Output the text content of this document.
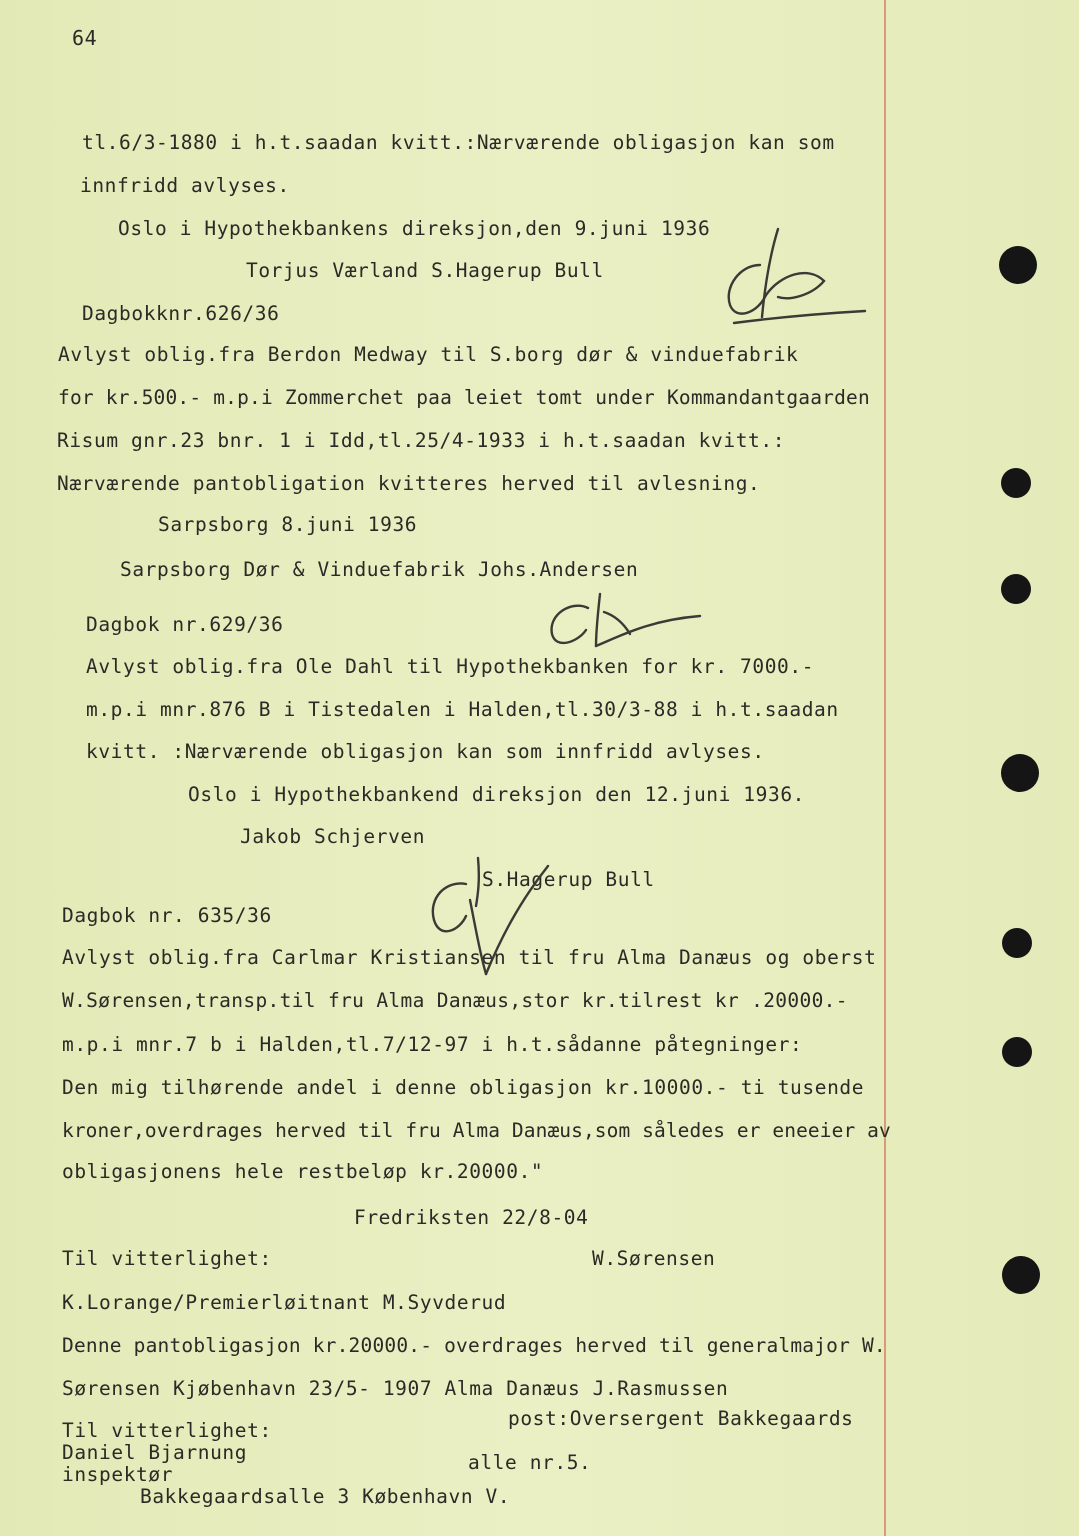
64
tl.6/3-1880 i h.t.saadan kvitt.:Nærværende obligasjon kan som
innfridd avlyses.
Oslo i Hypothekbankens direksjon,den 9.juni 1936
Torjus Værland S.Hagerup Bull
Dagbokknr.626/36
Avlyst oblig.fra Berdon Medway til S.borg dør & vinduefabrik
for kr.500.- m.p.i Zommerchet paa leiet tomt under Kommandantgaarden
Risum gnr.23 bnr. 1 i Idd,tl.25/4-1933 i h.t.saadan kvitt.:
Nærværende pantobligation kvitteres herved til avlesning.
Sarpsborg 8.juni 1936
Sarpsborg Dør & Vinduefabrik Johs.Andersen
Dagbok nr.629/36
Avlyst oblig.fra Ole Dahl til Hypothekbanken for kr. 7000.-
m.p.i mnr.876 B i Tistedalen i Halden,tl.30/3-88 i h.t.saadan
kvitt. :Nærværende obligasjon kan som innfridd avlyses.
Oslo i Hypothekbankend direksjon den 12.juni 1936.
Jakob Schjerven
S.Hagerup Bull
Dagbok nr. 635/36
Avlyst oblig.fra Carlmar Kristiansen til fru Alma Danæus og oberst
W.Sørensen,transp.til fru Alma Danæus,stor kr.tilrest kr .20000.-
m.p.i mnr.7 b i Halden,tl.7/12-97 i h.t.sådanne påtegninger:
Den mig tilhørende andel i denne obligasjon kr.10000.- ti tusende
kroner,overdrages herved til fru Alma Danæus,som således er eneeier av
obligasjonens hele restbeløp kr.20000."
Fredriksten 22/8-04
Til vitterlighet:	W.Sørensen
K.Lorange/Premierløitnant M.Syvderud
Denne pantobligasjon kr.20000.- overdrages herved til generalmajor W.
Sørensen Kjøbenhavn 23/5- 1907 Alma Danæus J.Rasmussen
Til vitterlighet:
post:Oversergent Bakkegaards
Daniel Bjarnung
inspektør
alle nr.5.
Bakkegaardsalle 3 København V.
